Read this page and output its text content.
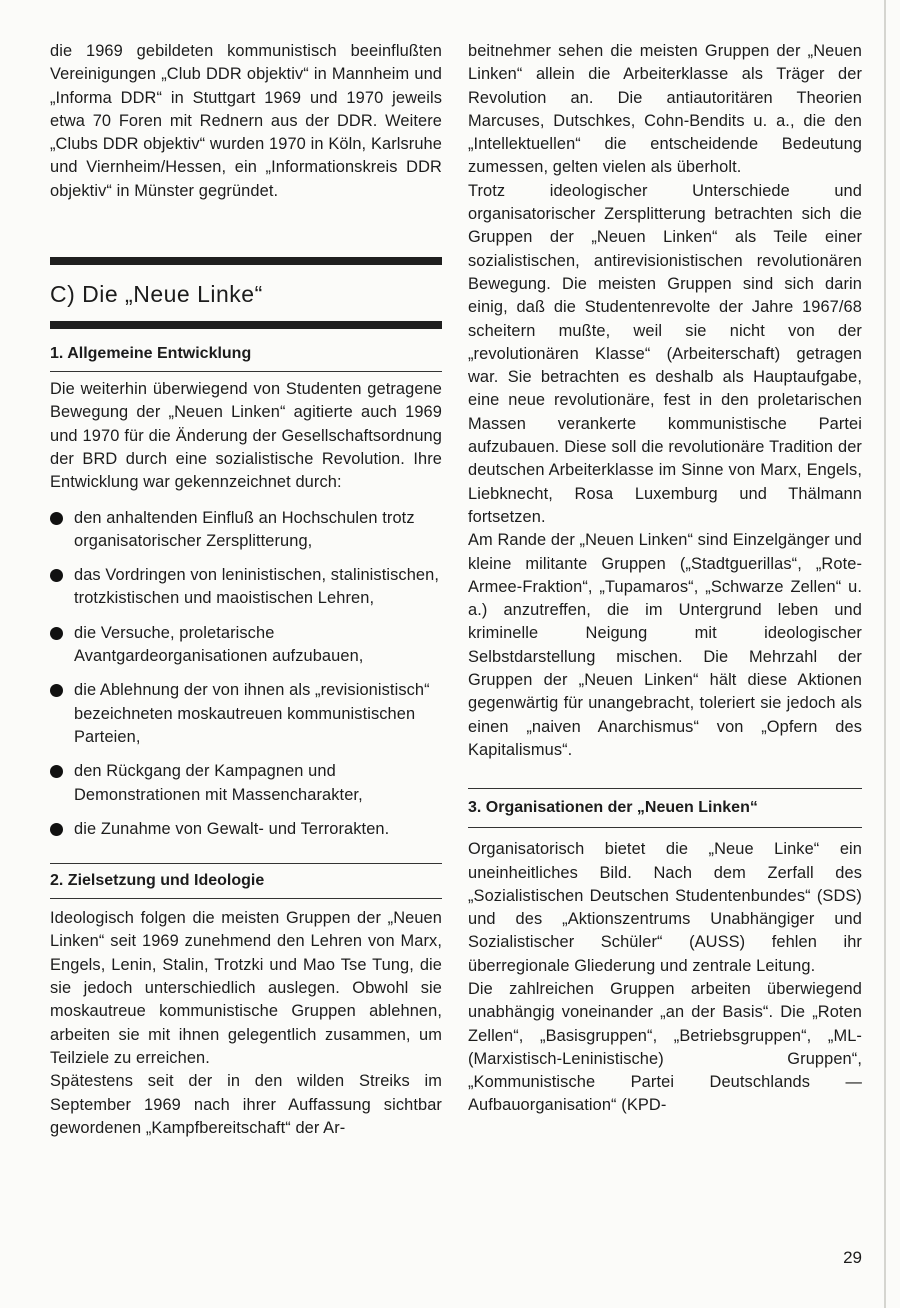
die 1969 gebildeten kommunistisch beeinflußten Vereinigungen „Club DDR objektiv“ in Mannheim und „Informa DDR“ in Stuttgart 1969 und 1970 jeweils etwa 70 Foren mit Rednern aus der DDR. Weitere „Clubs DDR objektiv“ wurden 1970 in Köln, Karlsruhe und Viernheim/Hessen, ein „Informationskreis DDR objektiv“ in Münster gegründet.

C) Die „Neue Linke“
1. Allgemeine Entwicklung

Die weiterhin überwiegend von Studenten getragene Bewegung der „Neuen Linken“ agitierte auch 1969 und 1970 für die Änderung der Gesellschaftsordnung der BRD durch eine sozialistische Revolution. Ihre Entwicklung war gekennzeichnet durch:

den anhaltenden Einfluß an Hochschulen trotz organisatorischer Zersplitterung,

das Vordringen von leninistischen, stalinistischen, trotzkistischen und maoistischen Lehren,

die Versuche, proletarische Avantgardeorganisationen aufzubauen,

die Ablehnung der von ihnen als „revisionistisch“ bezeichneten moskautreuen kommunistischen Parteien,

den Rückgang der Kampagnen und Demonstrationen mit Massencharakter,

die Zunahme von Gewalt- und Terrorakten.

2. Zielsetzung und Ideologie

Ideologisch folgen die meisten Gruppen der „Neuen Linken“ seit 1969 zunehmend den Lehren von Marx, Engels, Lenin, Stalin, Trotzki und Mao Tse Tung, die sie jedoch unterschiedlich auslegen. Obwohl sie moskautreue kommunistische Gruppen ablehnen, arbeiten sie mit ihnen gelegentlich zusammen, um Teilziele zu erreichen.

Spätestens seit der in den wilden Streiks im September 1969 nach ihrer Auffassung sichtbar gewordenen „Kampfbereitschaft“ der Ar-

beitnehmer sehen die meisten Gruppen der „Neuen Linken“ allein die Arbeiterklasse als Träger der Revolution an. Die antiautoritären Theorien Marcuses, Dutschkes, Cohn-Bendits u. a., die den „Intellektuellen“ die entscheidende Bedeutung zumessen, gelten vielen als überholt.

Trotz ideologischer Unterschiede und organisatorischer Zersplitterung betrachten sich die Gruppen der „Neuen Linken“ als Teile einer sozialistischen, antirevisionistischen revolutionären Bewegung. Die meisten Gruppen sind sich darin einig, daß die Studentenrevolte der Jahre 1967/68 scheitern mußte, weil sie nicht von der „revolutionären Klasse“ (Arbeiterschaft) getragen war. Sie betrachten es deshalb als Hauptaufgabe, eine neue revolutionäre, fest in den proletarischen Massen verankerte kommunistische Partei aufzubauen. Diese soll die revolutionäre Tradition der deutschen Arbeiterklasse im Sinne von Marx, Engels, Liebknecht, Rosa Luxemburg und Thälmann fortsetzen.

Am Rande der „Neuen Linken“ sind Einzelgänger und kleine militante Gruppen („Stadtguerillas“, „Rote-Armee-Fraktion“, „Tupamaros“, „Schwarze Zellen“ u. a.) anzutreffen, die im Untergrund leben und kriminelle Neigung mit ideologischer Selbstdarstellung mischen. Die Mehrzahl der Gruppen der „Neuen Linken“ hält diese Aktionen gegenwärtig für unangebracht, toleriert sie jedoch als einen „naiven Anarchismus“ von „Opfern des Kapitalismus“.

3. Organisationen der „Neuen Linken“

Organisatorisch bietet die „Neue Linke“ ein uneinheitliches Bild. Nach dem Zerfall des „Sozialistischen Deutschen Studentenbundes“ (SDS) und des „Aktionszentrums Unabhängiger und Sozialistischer Schüler“ (AUSS) fehlen ihr überregionale Gliederung und zentrale Leitung.

Die zahlreichen Gruppen arbeiten überwiegend unabhängig voneinander „an der Basis“. Die „Roten Zellen“, „Basisgruppen“, „Betriebsgruppen“, „ML-(Marxistisch-Leninistische) Gruppen“, „Kommunistische Partei Deutschlands — Aufbauorganisation“ (KPD-

29
